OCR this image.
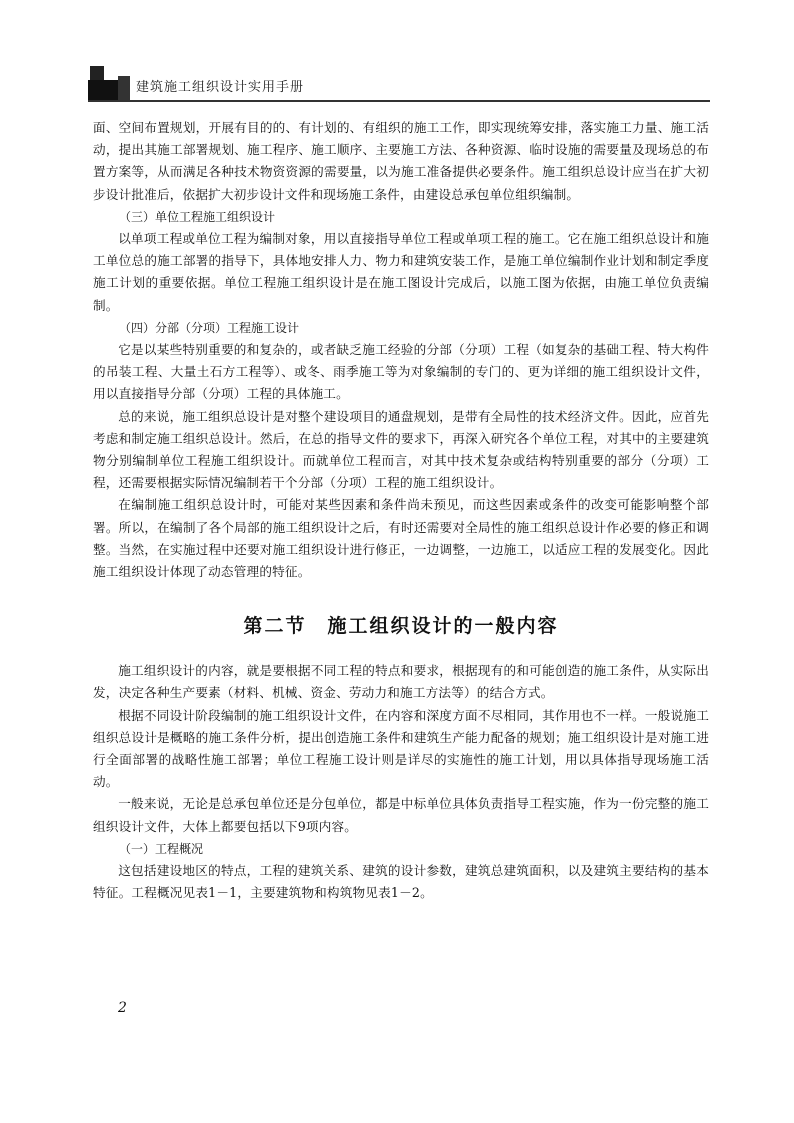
建筑施工组织设计实用手册

面、空间布置规划，开展有目的的、有计划的、有组织的施工工作，即实现统筹安排，落实施工力量、施工活动，提出其施工部署规划、施工程序、施工顺序、主要施工方法、各种资源、临时设施的需要量及现场总的布置方案等，从而满足各种技术物资资源的需要量，以为施工准备提供必要条件。施工组织总设计应当在扩大初步设计批准后，依据扩大初步设计文件和现场施工条件，由建设总承包单位组织编制。

（三）单位工程施工组织设计

以单项工程或单位工程为编制对象，用以直接指导单位工程或单项工程的施工。它在施工组织总设计和施工单位总的施工部署的指导下，具体地安排人力、物力和建筑安装工作，是施工单位编制作业计划和制定季度施工计划的重要依据。单位工程施工组织设计是在施工图设计完成后，以施工图为依据，由施工单位负责编制。

（四）分部（分项）工程施工设计

它是以某些特别重要的和复杂的，或者缺乏施工经验的分部（分项）工程（如复杂的基础工程、特大构件的吊装工程、大量土石方工程等）、或冬、雨季施工等为对象编制的专门的、更为详细的施工组织设计文件，用以直接指导分部（分项）工程的具体施工。

总的来说，施工组织总设计是对整个建设项目的通盘规划，是带有全局性的技术经济文件。因此，应首先考虑和制定施工组织总设计。然后，在总的指导文件的要求下，再深入研究各个单位工程，对其中的主要建筑物分别编制单位工程施工组织设计。而就单位工程而言，对其中技术复杂或结构特别重要的部分（分项）工程，还需要根据实际情况编制若干个分部（分项）工程的施工组织设计。

在编制施工组织总设计时，可能对某些因素和条件尚未预见，而这些因素或条件的改变可能影响整个部署。所以，在编制了各个局部的施工组织设计之后，有时还需要对全局性的施工组织总设计作必要的修正和调整。当然，在实施过程中还要对施工组织设计进行修正，一边调整，一边施工，以适应工程的发展变化。因此施工组织设计体现了动态管理的特征。

第二节　施工组织设计的一般内容

施工组织设计的内容，就是要根据不同工程的特点和要求，根据现有的和可能创造的施工条件，从实际出发，决定各种生产要素（材料、机械、资金、劳动力和施工方法等）的结合方式。

根据不同设计阶段编制的施工组织设计文件，在内容和深度方面不尽相同，其作用也不一样。一般说施工组织总设计是概略的施工条件分析，提出创造施工条件和建筑生产能力配备的规划；施工组织设计是对施工进行全面部署的战略性施工部署；单位工程施工设计则是详尽的实施性的施工计划，用以具体指导现场施工活动。

一般来说，无论是总承包单位还是分包单位，都是中标单位具体负责指导工程实施，作为一份完整的施工组织设计文件，大体上都要包括以下9项内容。

（一）工程概况

这包括建设地区的特点，工程的建筑关系、建筑的设计参数，建筑总建筑面积，以及建筑主要结构的基本特征。工程概况见表1－1，主要建筑物和构筑物见表1－2。

2
